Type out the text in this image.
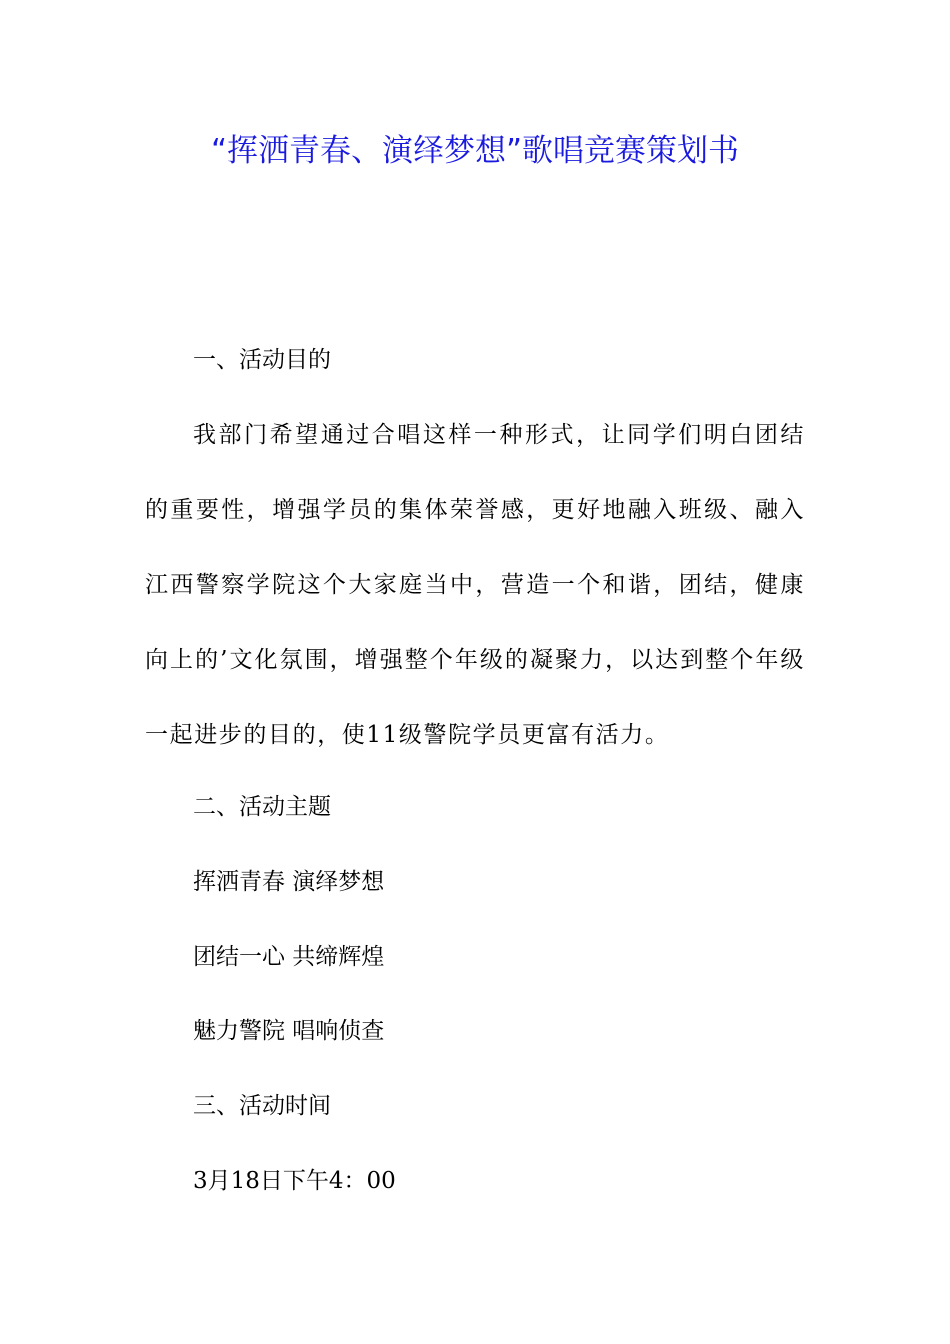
“挥洒青春、演绎梦想”歌唱竞赛策划书
一、活动目的

我部门希望通过合唱这样一种形式，让同学们明白团结的重要性，增强学员的集体荣誉感，更好地融入班级、融入江西警察学院这个大家庭当中，营造一个和谐，团结，健康向上的’文化氛围，增强整个年级的凝聚力，以达到整个年级一起进步的目的，使11级警院学员更富有活力。

二、活动主题
挥洒青春 演绎梦想
团结一心 共缔辉煌
魅力警院 唱响侦查
三、活动时间
3月18日下午4：00
